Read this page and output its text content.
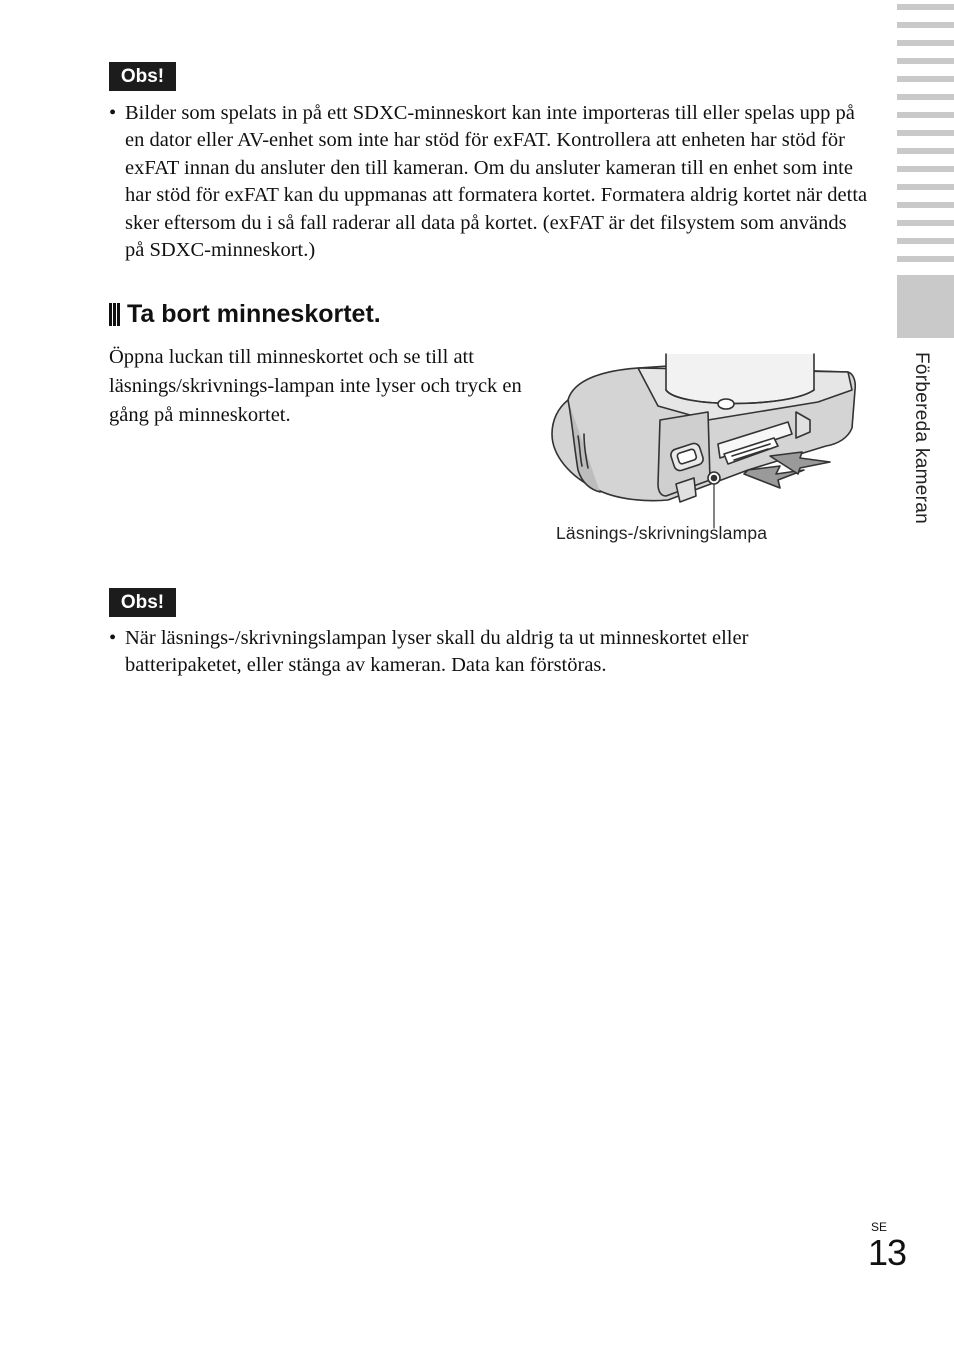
Förbereda kameran
Obs!
• Bilder som spelats in på ett SDXC-minneskort kan inte importeras till eller spelas upp på en dator eller AV-enhet som inte har stöd för exFAT. Kontrollera att enheten har stöd för exFAT innan du ansluter den till kameran. Om du ansluter kameran till en enhet som inte har stöd för exFAT kan du uppmanas att formatera kortet. Formatera aldrig kortet när detta sker eftersom du i så fall raderar all data på kortet. (exFAT är det filsystem som används på SDXC-minneskort.)
Ta bort minneskortet.
Öppna luckan till minneskortet och se till att läsnings/skrivnings-lampan inte lyser och tryck en gång på minneskortet.
Läsnings-/skrivningslampa
Obs!
• När läsnings-/skrivningslampan lyser skall du aldrig ta ut minneskortet eller batteripaketet, eller stänga av kameran. Data kan förstöras.
SE
13
